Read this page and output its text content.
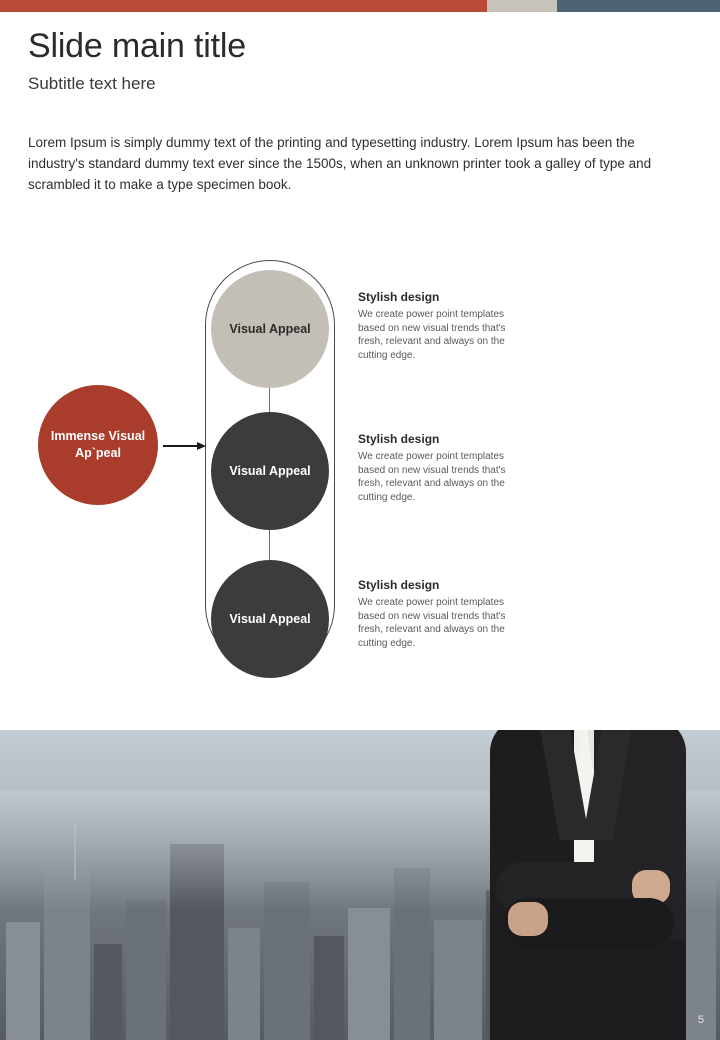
Slide main title
Subtitle text here

Lorem Ipsum is simply dummy text of the printing and typesetting industry. Lorem Ipsum has been the industry's standard dummy text ever since the 1500s, when an unknown printer took a galley of type and scrambled it to make a type specimen book.

Immense Visual Ap`peal
Visual Appeal
Visual Appeal
Visual Appeal
Stylish design

We create power point templates based on new visual trends that's fresh, relevant and always on the cutting edge.

Stylish design

We create power point templates based on new visual trends that's fresh, relevant and always on the cutting edge.

Stylish design

We create power point templates based on new visual trends that's fresh, relevant and always on the cutting edge.

5
